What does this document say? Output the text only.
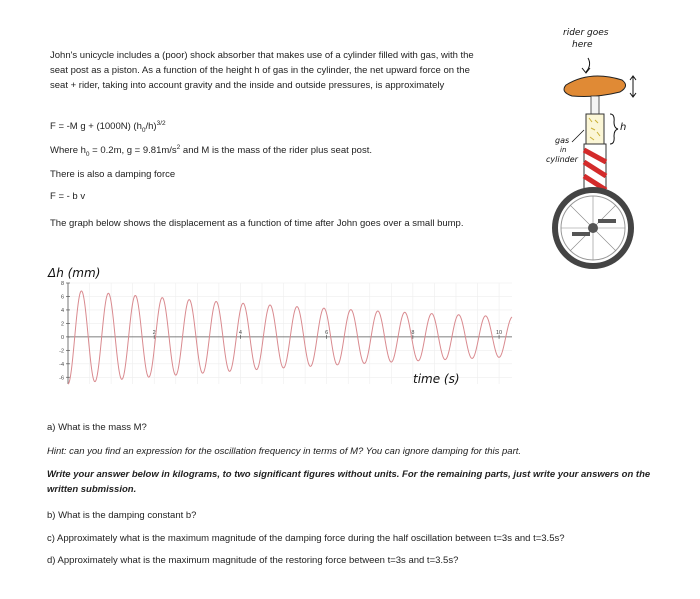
John's unicycle includes a (poor) shock absorber that makes use of a cylinder filled with gas, with the seat post as a piston. As a function of the height h of gas in the cylinder, the net upward force on the seat + rider, taking into account gravity and the inside and outside pressures, is approximately

F = -M g + (1000N) $(h_0/h)^{3/2}$

Where $h_0 = 0.2m$, $g = 9.81m/s^2$ and M is the mass of the rider plus seat post.

There is also a damping force

F = - b v

The graph below shows the displacement as a function of time after John goes over a small bump.

rider goes
here
gas
in
cylinder
h
Δh (mm)
8
6
4
2
0
-2
-4
-6
2	4	6	8	10
time (s)

a) What is the mass M?

Hint: can you find an expression for the oscillation frequency in terms of M? You can ignore damping for this part.

Write your answer below in kilograms, to two significant figures without units. For the remaining parts, just write your answers on the written submission.

b) What is the damping constant b?

c) Approximately what is the maximum magnitude of the damping force during the half oscillation between t=3s and t=3.5s?

d) Approximately what is the maximum magnitude of the restoring force between t=3s and t=3.5s?
